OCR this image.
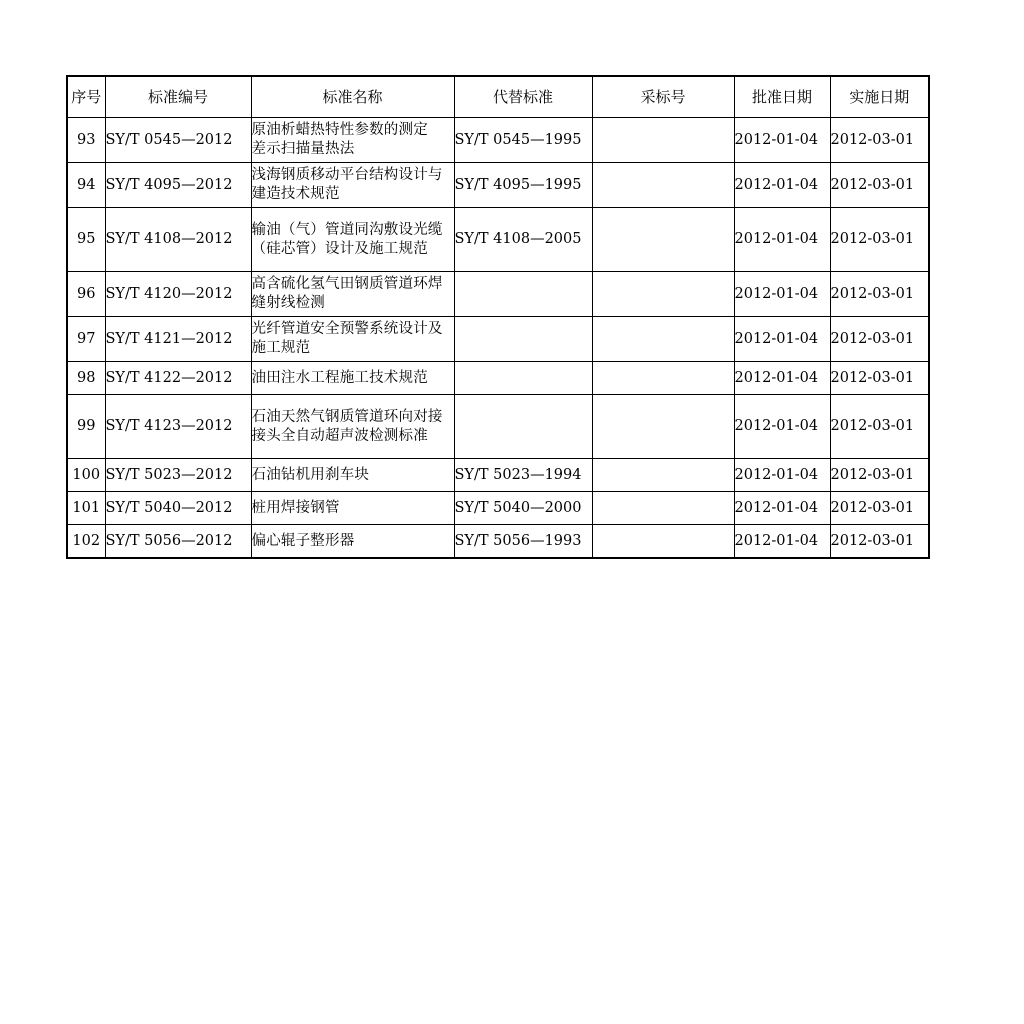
序号	标准编号	标准名称	代替标准	采标号	批准日期	实施日期
93	SY/T 0545—2012	原油析蜡热特性参数的测定　差示扫描量热法	SY/T 0545—1995		2012-01-04	2012-03-01
94	SY/T 4095—2012	浅海钢质移动平台结构设计与建造技术规范	SY/T 4095—1995		2012-01-04	2012-03-01
95	SY/T 4108—2012	输油（气）管道同沟敷设光缆（硅芯管）设计及施工规范	SY/T 4108—2005		2012-01-04	2012-03-01
96	SY/T 4120—2012	高含硫化氢气田钢质管道环焊缝射线检测			2012-01-04	2012-03-01
97	SY/T 4121—2012	光纤管道安全预警系统设计及施工规范			2012-01-04	2012-03-01
98	SY/T 4122—2012	油田注水工程施工技术规范			2012-01-04	2012-03-01
99	SY/T 4123—2012	石油天然气钢质管道环向对接接头全自动超声波检测标准			2012-01-04	2012-03-01
100	SY/T 5023—2012	石油钻机用刹车块	SY/T 5023—1994		2012-01-04	2012-03-01
101	SY/T 5040—2012	桩用焊接钢管	SY/T 5040—2000		2012-01-04	2012-03-01
102	SY/T 5056—2012	偏心辊子整形器	SY/T 5056—1993		2012-01-04	2012-03-01
